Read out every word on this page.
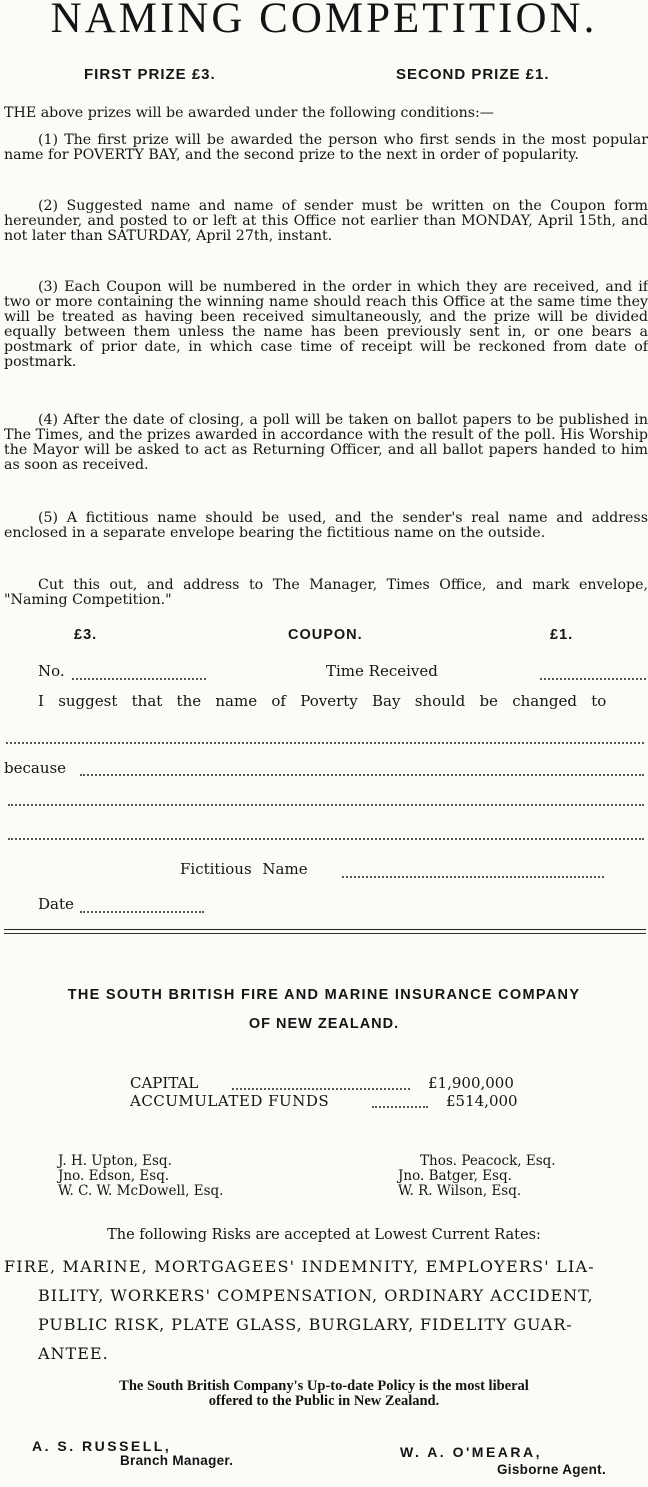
NAMING COMPETITION.
FIRST PRIZE £3.	SECOND PRIZE £1.
THE above prizes will be awarded under the following conditions:—
(1) The first prize will be awarded the person who first sends in the most popular name for POVERTY BAY, and the second prize to the next in order of popularity.
(2) Suggested name and name of sender must be written on the Coupon form hereunder, and posted to or left at this Office not earlier than MONDAY, April 15th, and not later than SATURDAY, April 27th, instant.
(3) Each Coupon will be numbered in the order in which they are received, and if two or more containing the winning name should reach this Office at the same time they will be treated as having been received simultaneously, and the prize will be divided equally between them unless the name has been previously sent in, or one bears a postmark of prior date, in which case time of receipt will be reckoned from date of postmark.
(4) After the date of closing, a poll will be taken on ballot papers to be published in The Times, and the prizes awarded in accordance with the result of the poll. His Worship the Mayor will be asked to act as Returning Officer, and all ballot papers handed to him as soon as received.
(5) A fictitious name should be used, and the sender's real name and address enclosed in a separate envelope bearing the fictitious name on the outside.
Cut this out, and address to The Manager, Times Office, and mark envelope, "Naming Competition."
£3.	COUPON.	£1.
No.	Time Received
I suggest that the name of Poverty Bay should be changed to
because
Fictitious Name
Date
THE SOUTH BRITISH FIRE AND MARINE INSURANCE COMPANY
OF NEW ZEALAND.
CAPITAL	£1,900,000
ACCUMULATED FUNDS	£514,000
J. H. Upton, Esq.
Jno. Edson, Esq.
W. C. W. McDowell, Esq.
Thos. Peacock, Esq.
Jno. Batger, Esq.
W. R. Wilson, Esq.
The following Risks are accepted at Lowest Current Rates:
FIRE, MARINE, MORTGAGEES' INDEMNITY, EMPLOYERS' LIA-
BILITY, WORKERS' COMPENSATION, ORDINARY ACCIDENT,
PUBLIC RISK, PLATE GLASS, BURGLARY, FIDELITY GUAR-
ANTEE.
The South British Company's Up-to-date Policy is the most liberal
offered to the Public in New Zealand.
A. S. RUSSELL,
Branch Manager.
W. A. O'MEARA,
Gisborne Agent.
